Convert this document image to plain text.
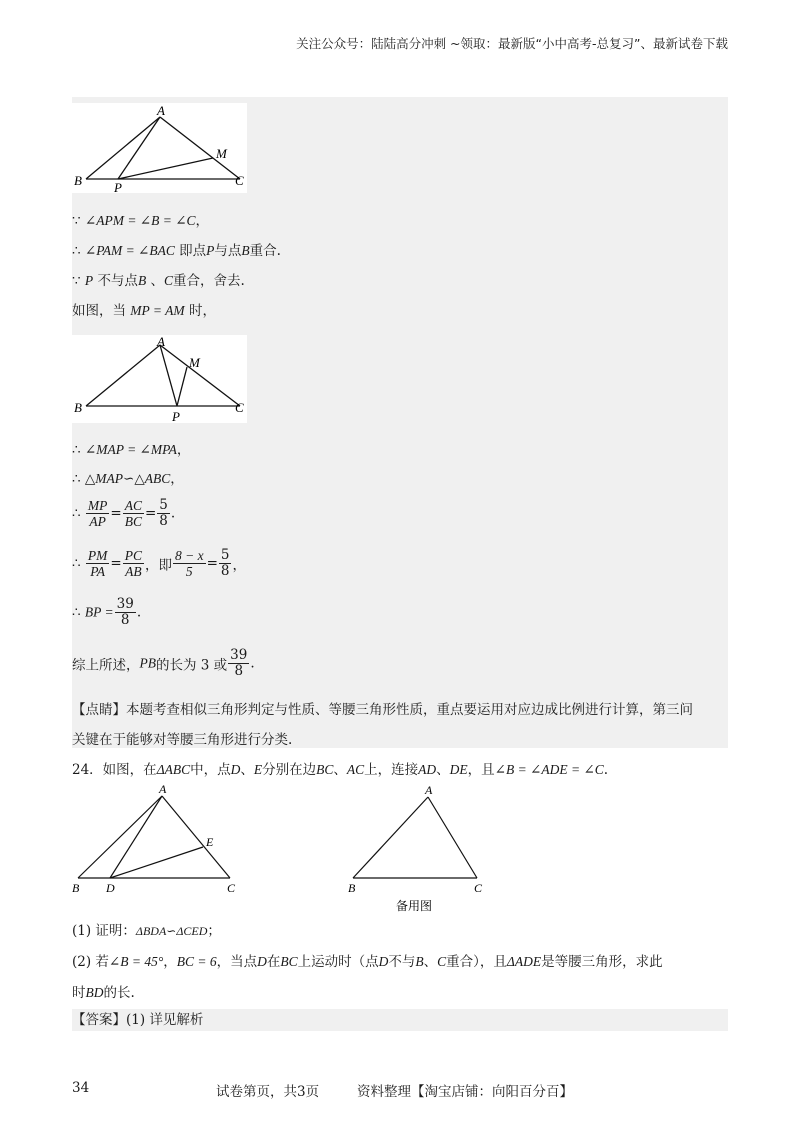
关注公众号：陆陆高分冲刺 ~领取：最新版“小中高考-总复习”、最新试卷下载
A
B	C
M
P
∵ ∠APM = ∠B = ∠C，
∴ ∠PAM = ∠BAC 即点P与点B重合.
∵ P 不与点B 、C重合，舍去.
如图，当 MP = AM 时，
A
B	C
M
P
∴ ∠MAP = ∠MPA，
∴ △MAP∽△ABC，
∴ $\frac{MP}{AP} = \frac{AC}{BC} = \frac{5}{8}$ .
∴ $\frac{PM}{PA} = \frac{PC}{AB}$ ，即 $\frac{8 - x}{5} = \frac{5}{8}$ ，
∴ BP = $\frac{39}{8}$ .
综上所述，PB的长为 3 或 $\frac{39}{8}$ .
【点睛】本题考查相似三角形判定与性质、等腰三角形性质，重点要运用对应边成比例进行计算，第三问
关键在于能够对等腰三角形进行分类.
24．如图，在ΔABC中，点D、E分别在边BC、AC上，连接AD、DE，且∠B = ∠ADE = ∠C.
A
B	C
D
E
A
B	C
备用图
(1) 证明：ΔBDA∽ΔCED；
(2) 若∠B = 45°，BC = 6，当点D在BC上运动时（点D不与B、C重合），且ΔADE是等腰三角形，求此
时BD的长.
【答案】(1) 详见解析
34	试卷第页，共3页	资料整理【淘宝店铺：向阳百分百】
